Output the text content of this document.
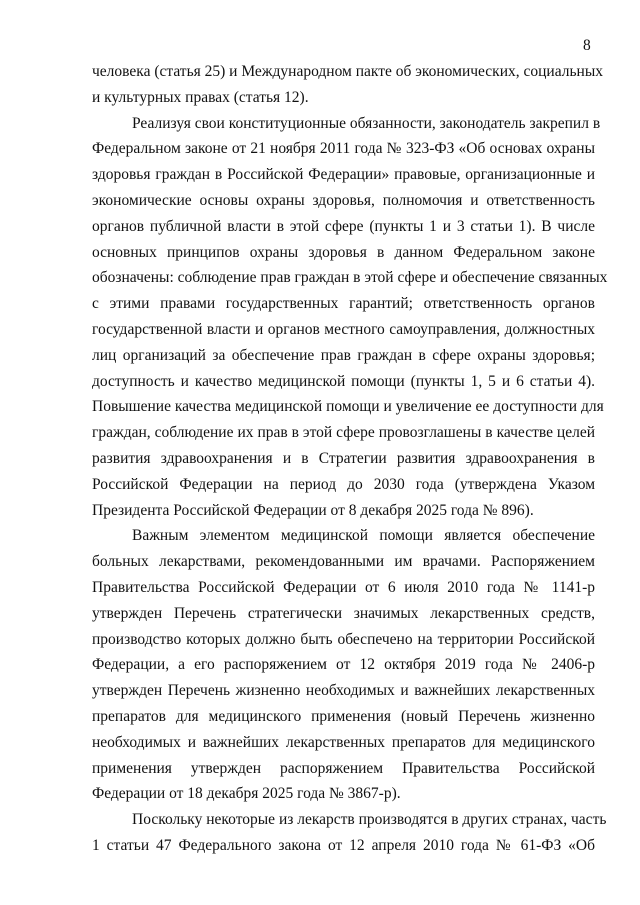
8
человека (статья 25) и Международном пакте об экономических, социальных
и культурных правах (статья 12).
Реализуя свои конституционные обязанности, законодатель закрепил в
Федеральном законе от 21 ноября 2011 года № 323-ФЗ «Об основах охраны
здоровья граждан в Российской Федерации» правовые, организационные и
экономические основы охраны здоровья, полномочия и ответственность
органов публичной власти в этой сфере (пункты 1 и 3 статьи 1). В числе
основных принципов охраны здоровья в данном Федеральном законе
обозначены: соблюдение прав граждан в этой сфере и обеспечение связанных
с этими правами государственных гарантий; ответственность органов
государственной власти и органов местного самоуправления, должностных
лиц организаций за обеспечение прав граждан в сфере охраны здоровья;
доступность и качество медицинской помощи (пункты 1, 5 и 6 статьи 4).
Повышение качества медицинской помощи и увеличение ее доступности для
граждан, соблюдение их прав в этой сфере провозглашены в качестве целей
развития здравоохранения и в Стратегии развития здравоохранения в
Российской Федерации на период до 2030 года (утверждена Указом
Президента Российской Федерации от 8 декабря 2025 года № 896).
Важным элементом медицинской помощи является обеспечение
больных лекарствами, рекомендованными им врачами. Распоряжением
Правительства Российской Федерации от 6 июля 2010 года № 1141-р
утвержден Перечень стратегически значимых лекарственных средств,
производство которых должно быть обеспечено на территории Российской
Федерации, а его распоряжением от 12 октября 2019 года № 2406-р
утвержден Перечень жизненно необходимых и важнейших лекарственных
препаратов для медицинского применения (новый Перечень жизненно
необходимых и важнейших лекарственных препаратов для медицинского
применения утвержден распоряжением Правительства Российской
Федерации от 18 декабря 2025 года № 3867-р).
Поскольку некоторые из лекарств производятся в других странах, часть
1 статьи 47 Федерального закона от 12 апреля 2010 года № 61-ФЗ «Об
